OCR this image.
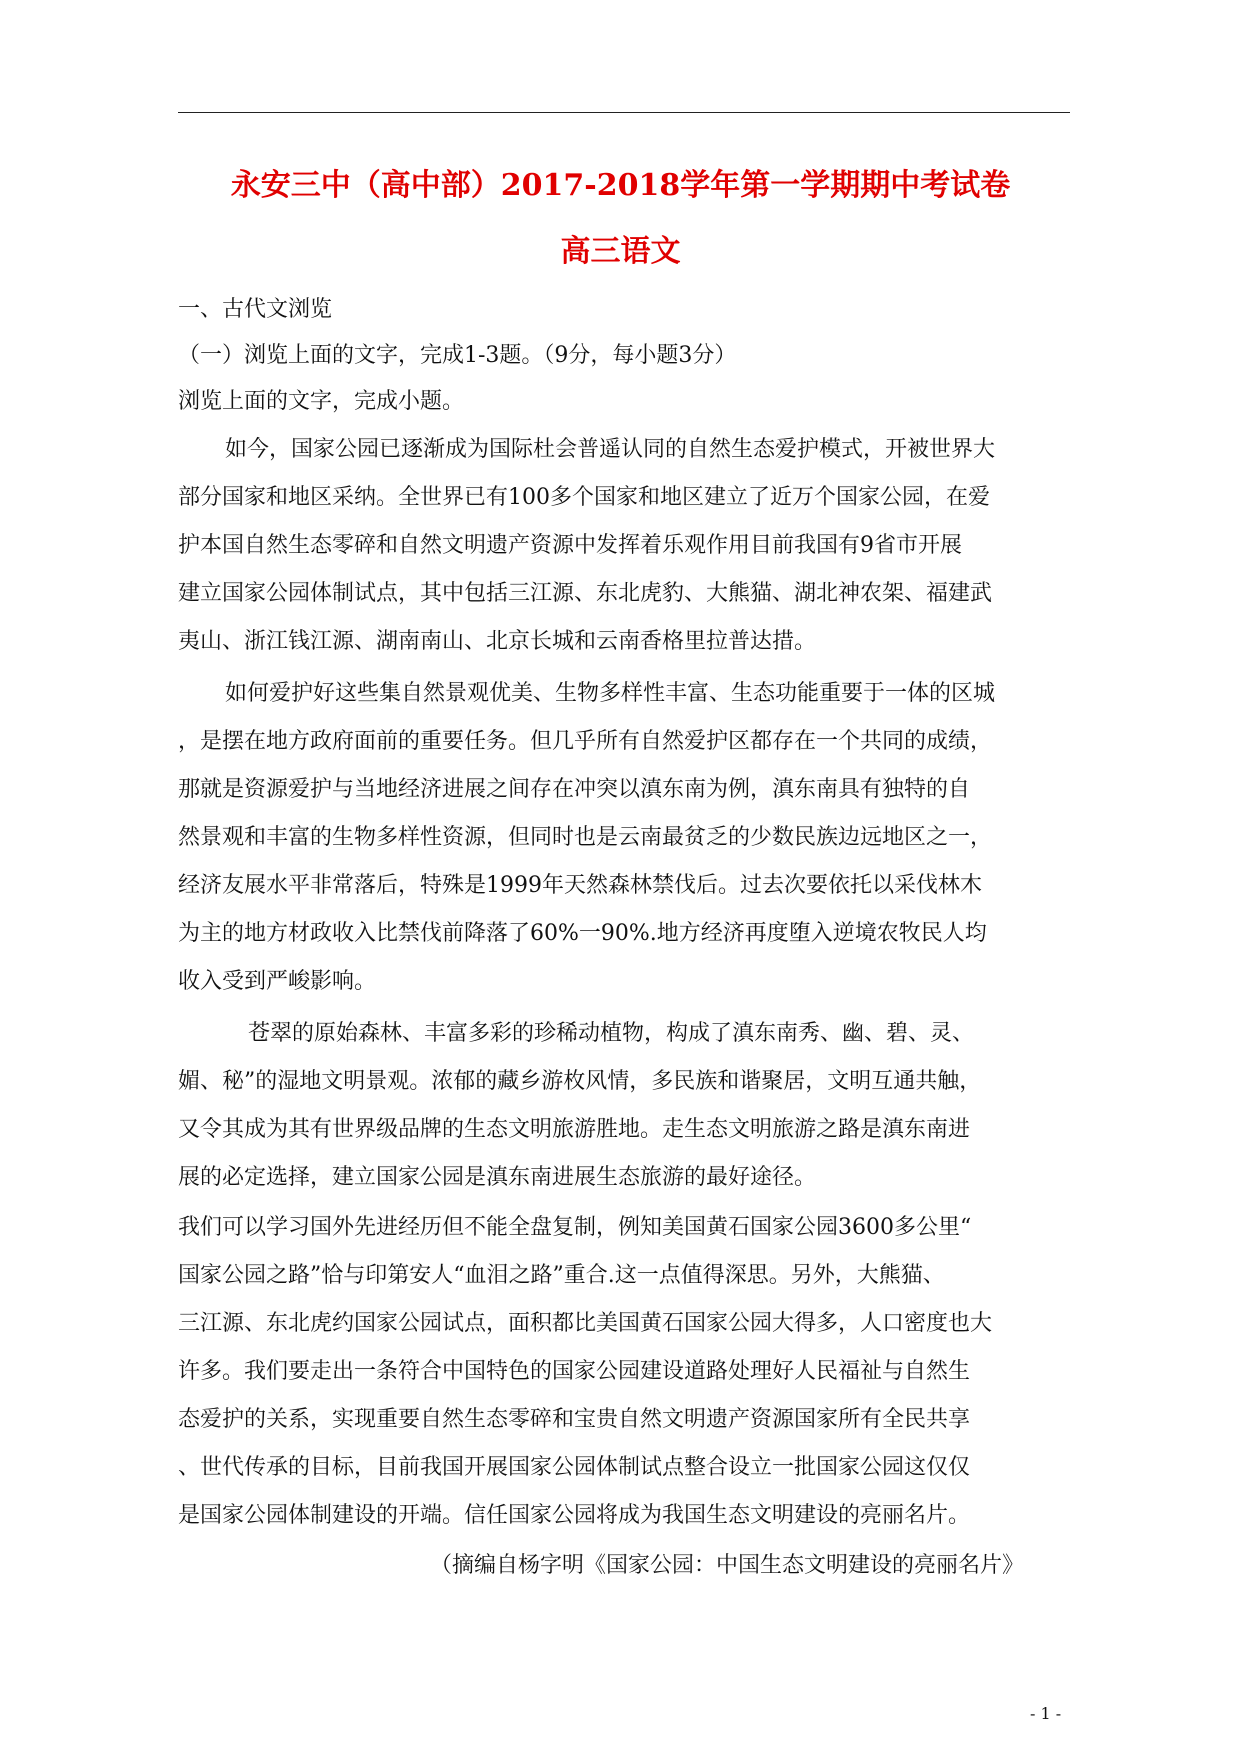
永安三中（高中部）2017-2018学年第一学期期中考试卷
高三语文
一、古代文浏览
（一）浏览上面的文字，完成1-3题。（9分，每小题3分）
浏览上面的文字，完成小题。
如今，国家公园已逐渐成为国际杜会普遥认同的自然生态爱护模式，开被世界大
部分国家和地区采纳。全世界已有100多个国家和地区建立了近万个国家公园，在爱
护本国自然生态零碎和自然文明遗产资源中发挥着乐观作用目前我国有9省市开展
建立国家公园体制试点，其中包括三江源、东北虎豹、大熊猫、湖北神农架、福建武
夷山、浙江钱江源、湖南南山、北京长城和云南香格里拉普达措。
如何爱护好这些集自然景观优美、生物多样性丰富、生态功能重要于一体的区城
，是摆在地方政府面前的重要任务。但几乎所有自然爱护区都存在一个共同的成绩，
那就是资源爱护与当地经济进展之间存在冲突以滇东南为例，滇东南具有独特的自
然景观和丰富的生物多样性资源，但同时也是云南最贫乏的少数民族边远地区之一，
经济友展水平非常落后，特殊是1999年天然森林禁伐后。过去次要依托以采伐林木
为主的地方材政收入比禁伐前降落了60%一90%.地方经济再度堕入逆境农牧民人均
收入受到严峻影响。
苍翠的原始森林、丰富多彩的珍稀动植物，构成了滇东南秀、幽、碧、灵、
媚、秘”的湿地文明景观。浓郁的藏乡游枚风情，多民族和谐聚居，文明互通共触，
又令其成为其有世界级品牌的生态文明旅游胜地。走生态文明旅游之路是滇东南进
展的必定选择，建立国家公园是滇东南进展生态旅游的最好途径。
我们可以学习国外先进经历但不能全盘复制，例知美国黄石国家公园3600多公里“
国家公园之路”恰与印第安人“血泪之路”重合.这一点值得深思。另外，大熊猫、
三江源、东北虎约国家公园试点，面积都比美国黄石国家公园大得多，人口密度也大
许多。我们要走出一条符合中国特色的国家公园建设道路处理好人民福祉与自然生
态爱护的关系，实现重要自然生态零碎和宝贵自然文明遗产资源国家所有全民共享
、世代传承的目标，目前我国开展国家公园体制试点整合设立一批国家公园这仅仅
是国家公园体制建设的开端。信任国家公园将成为我国生态文明建设的亮丽名片。
（摘编自杨字明《国家公园：中国生态文明建设的亮丽名片》
- 1 -
